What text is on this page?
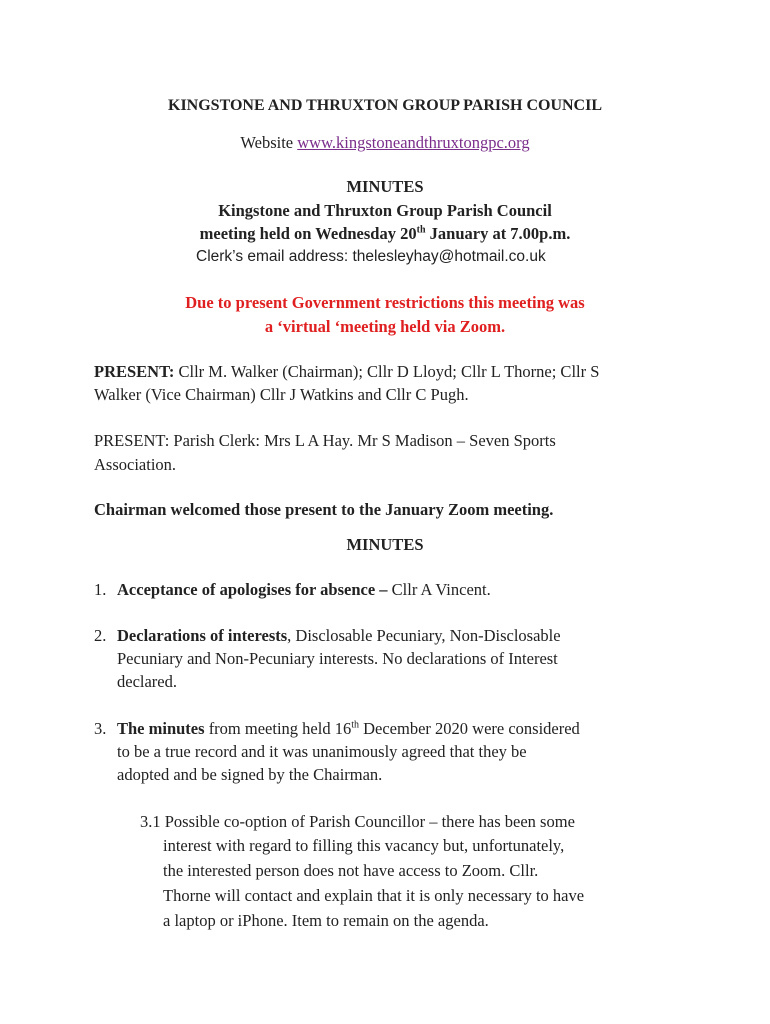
KINGSTONE AND THRUXTON GROUP PARISH COUNCIL
Website www.kingstoneandthruxtongpc.org
MINUTES
Kingstone and Thruxton Group Parish Council
meeting held on Wednesday 20th January at 7.00p.m.
Clerk’s email address: thelesleyhay@hotmail.co.uk
Due to present Government restrictions this meeting was
a ‘virtual ‘meeting held via Zoom.
PRESENT: Cllr M. Walker (Chairman); Cllr D Lloyd; Cllr L Thorne; Cllr S
Walker (Vice Chairman) Cllr J Watkins and Cllr C Pugh.
PRESENT: Parish Clerk: Mrs L A Hay. Mr S Madison – Seven Sports
Association.
Chairman welcomed those present to the January Zoom meeting.
MINUTES
1. Acceptance of apologises for absence – Cllr A Vincent.
2. Declarations of interests, Disclosable Pecuniary, Non-Disclosable
Pecuniary and Non-Pecuniary interests. No declarations of Interest
declared.
3. The minutes from meeting held 16th December 2020 were considered
to be a true record and it was unanimously agreed that they be
adopted and be signed by the Chairman.
3.1 Possible co-option of Parish Councillor – there has been some
interest with regard to filling this vacancy but, unfortunately,
the interested person does not have access to Zoom. Cllr.
Thorne will contact and explain that it is only necessary to have
a laptop or iPhone. Item to remain on the agenda.
